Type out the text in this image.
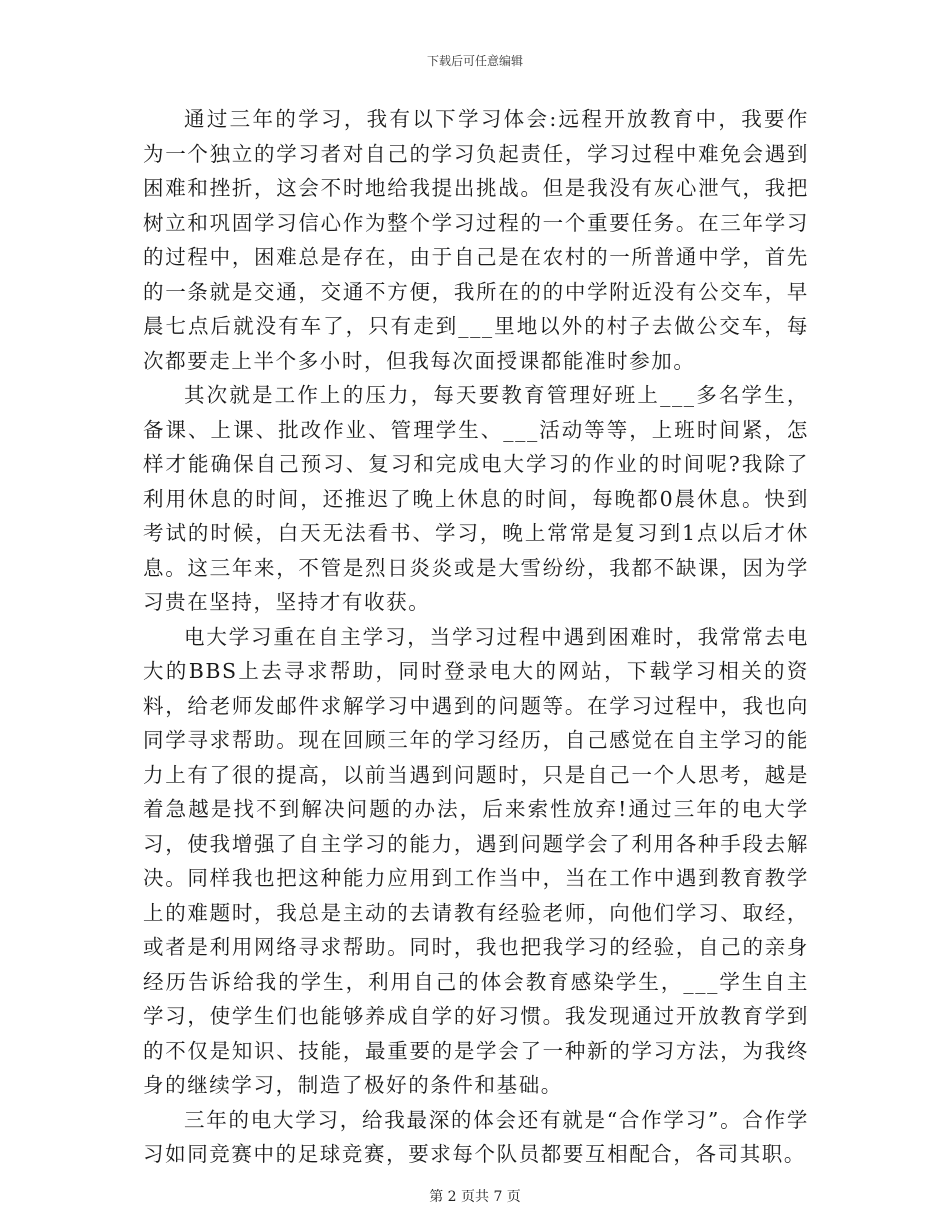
下载后可任意编辑

通过三年的学习，我有以下学习体会:远程开放教育中，我要作为一个独立的学习者对自己的学习负起责任，学习过程中难免会遇到困难和挫折，这会不时地给我提出挑战。但是我没有灰心泄气，我把树立和巩固学习信心作为整个学习过程的一个重要任务。在三年学习的过程中，困难总是存在，由于自己是在农村的一所普通中学，首先的一条就是交通，交通不方便，我所在的的中学附近没有公交车，早晨七点后就没有车了，只有走到___里地以外的村子去做公交车，每次都要走上半个多小时，但我每次面授课都能准时参加。

其次就是工作上的压力，每天要教育管理好班上___多名学生，备课、上课、批改作业、管理学生、___活动等等，上班时间紧，怎样才能确保自己预习、复习和完成电大学习的作业的时间呢?我除了利用休息的时间，还推迟了晚上休息的时间，每晚都0晨休息。快到考试的时候，白天无法看书、学习，晚上常常是复习到1点以后才休息。这三年来，不管是烈日炎炎或是大雪纷纷，我都不缺课，因为学习贵在坚持，坚持才有收获。

电大学习重在自主学习，当学习过程中遇到困难时，我常常去电大的BBS上去寻求帮助，同时登录电大的网站，下载学习相关的资料，给老师发邮件求解学习中遇到的问题等。在学习过程中，我也向同学寻求帮助。现在回顾三年的学习经历，自己感觉在自主学习的能力上有了很的提高，以前当遇到问题时，只是自己一个人思考，越是着急越是找不到解决问题的办法，后来索性放弃!通过三年的电大学习，使我增强了自主学习的能力，遇到问题学会了利用各种手段去解决。同样我也把这种能力应用到工作当中，当在工作中遇到教育教学上的难题时，我总是主动的去请教有经验老师，向他们学习、取经，或者是利用网络寻求帮助。同时，我也把我学习的经验，自己的亲身经历告诉给我的学生，利用自己的体会教育感染学生，___学生自主学习，使学生们也能够养成自学的好习惯。我发现通过开放教育学到的不仅是知识、技能，最重要的是学会了一种新的学习方法，为我终身的继续学习，制造了极好的条件和基础。

三年的电大学习，给我最深的体会还有就是“合作学习”。合作学习如同竞赛中的足球竞赛，要求每个队员都要互相配合，各司其职。

第 2 页共 7 页
